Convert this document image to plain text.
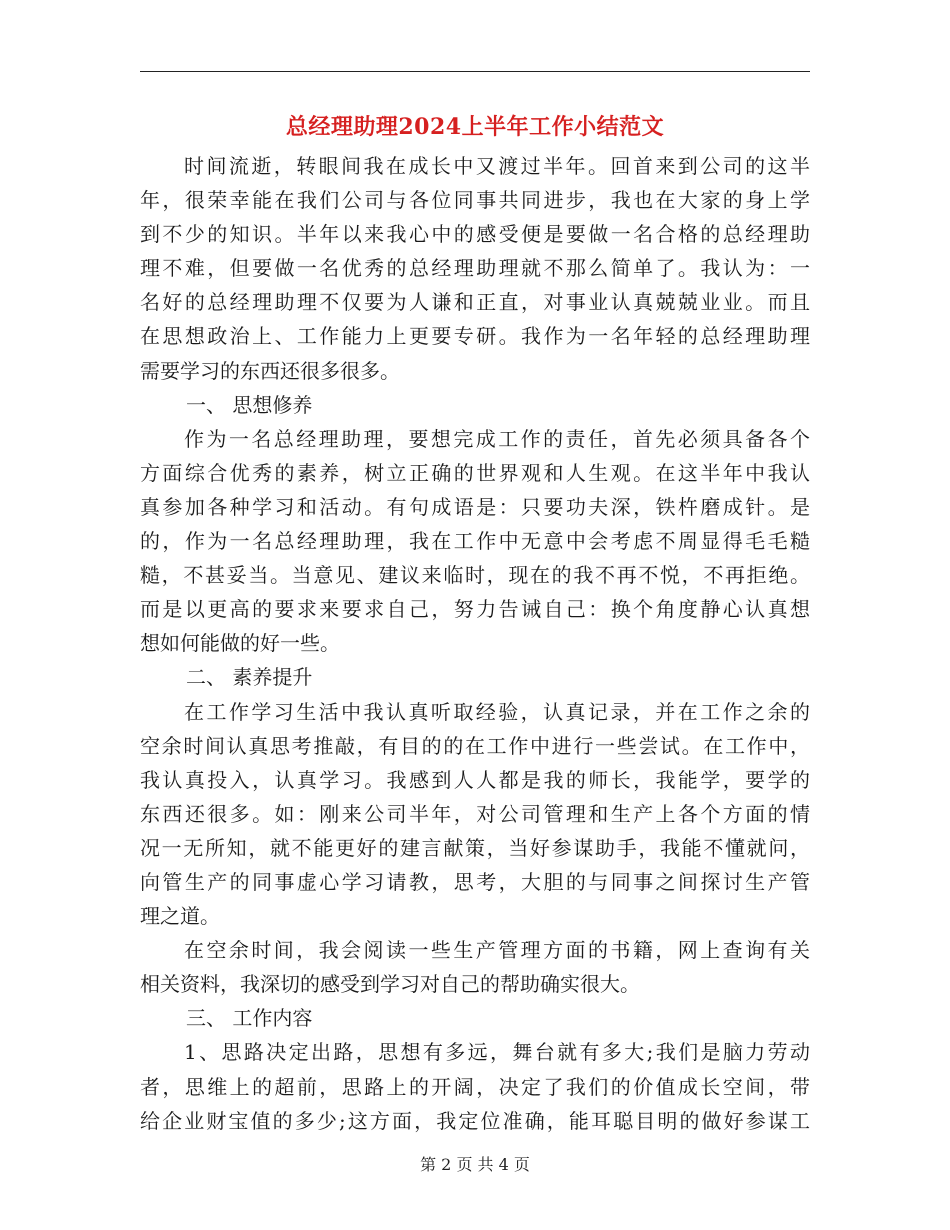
总经理助理2024上半年工作小结范文
时间流逝，转眼间我在成长中又渡过半年。回首来到公司的这半
年，很荣幸能在我们公司与各位同事共同进步，我也在大家的身上学
到不少的知识。半年以来我心中的感受便是要做一名合格的总经理助
理不难，但要做一名优秀的总经理助理就不那么简单了。我认为：一
名好的总经理助理不仅要为人谦和正直，对事业认真兢兢业业。而且
在思想政治上、工作能力上更要专研。我作为一名年轻的总经理助理
需要学习的东西还很多很多。
一、 思想修养
作为一名总经理助理，要想完成工作的责任，首先必须具备各个
方面综合优秀的素养，树立正确的世界观和人生观。在这半年中我认
真参加各种学习和活动。有句成语是：只要功夫深，铁杵磨成针。是
的，作为一名总经理助理，我在工作中无意中会考虑不周显得毛毛糙
糙，不甚妥当。当意见、建议来临时，现在的我不再不悦，不再拒绝。
而是以更高的要求来要求自己，努力告诫自己：换个角度静心认真想
想如何能做的好一些。
二、 素养提升
在工作学习生活中我认真听取经验，认真记录，并在工作之余的
空余时间认真思考推敲，有目的的在工作中进行一些尝试。在工作中，
我认真投入，认真学习。我感到人人都是我的师长，我能学，要学的
东西还很多。如：刚来公司半年，对公司管理和生产上各个方面的情
况一无所知，就不能更好的建言献策，当好参谋助手，我能不懂就问，
向管生产的同事虚心学习请教，思考，大胆的与同事之间探讨生产管
理之道。
在空余时间，我会阅读一些生产管理方面的书籍，网上查询有关
相关资料，我深切的感受到学习对自己的帮助确实很大。
三、 工作内容
1、思路决定出路，思想有多远，舞台就有多大;我们是脑力劳动
者，思维上的超前，思路上的开阔，决定了我们的价值成长空间，带
给企业财宝值的多少;这方面，我定位准确，能耳聪目明的做好参谋工
第 2 页 共 4 页
